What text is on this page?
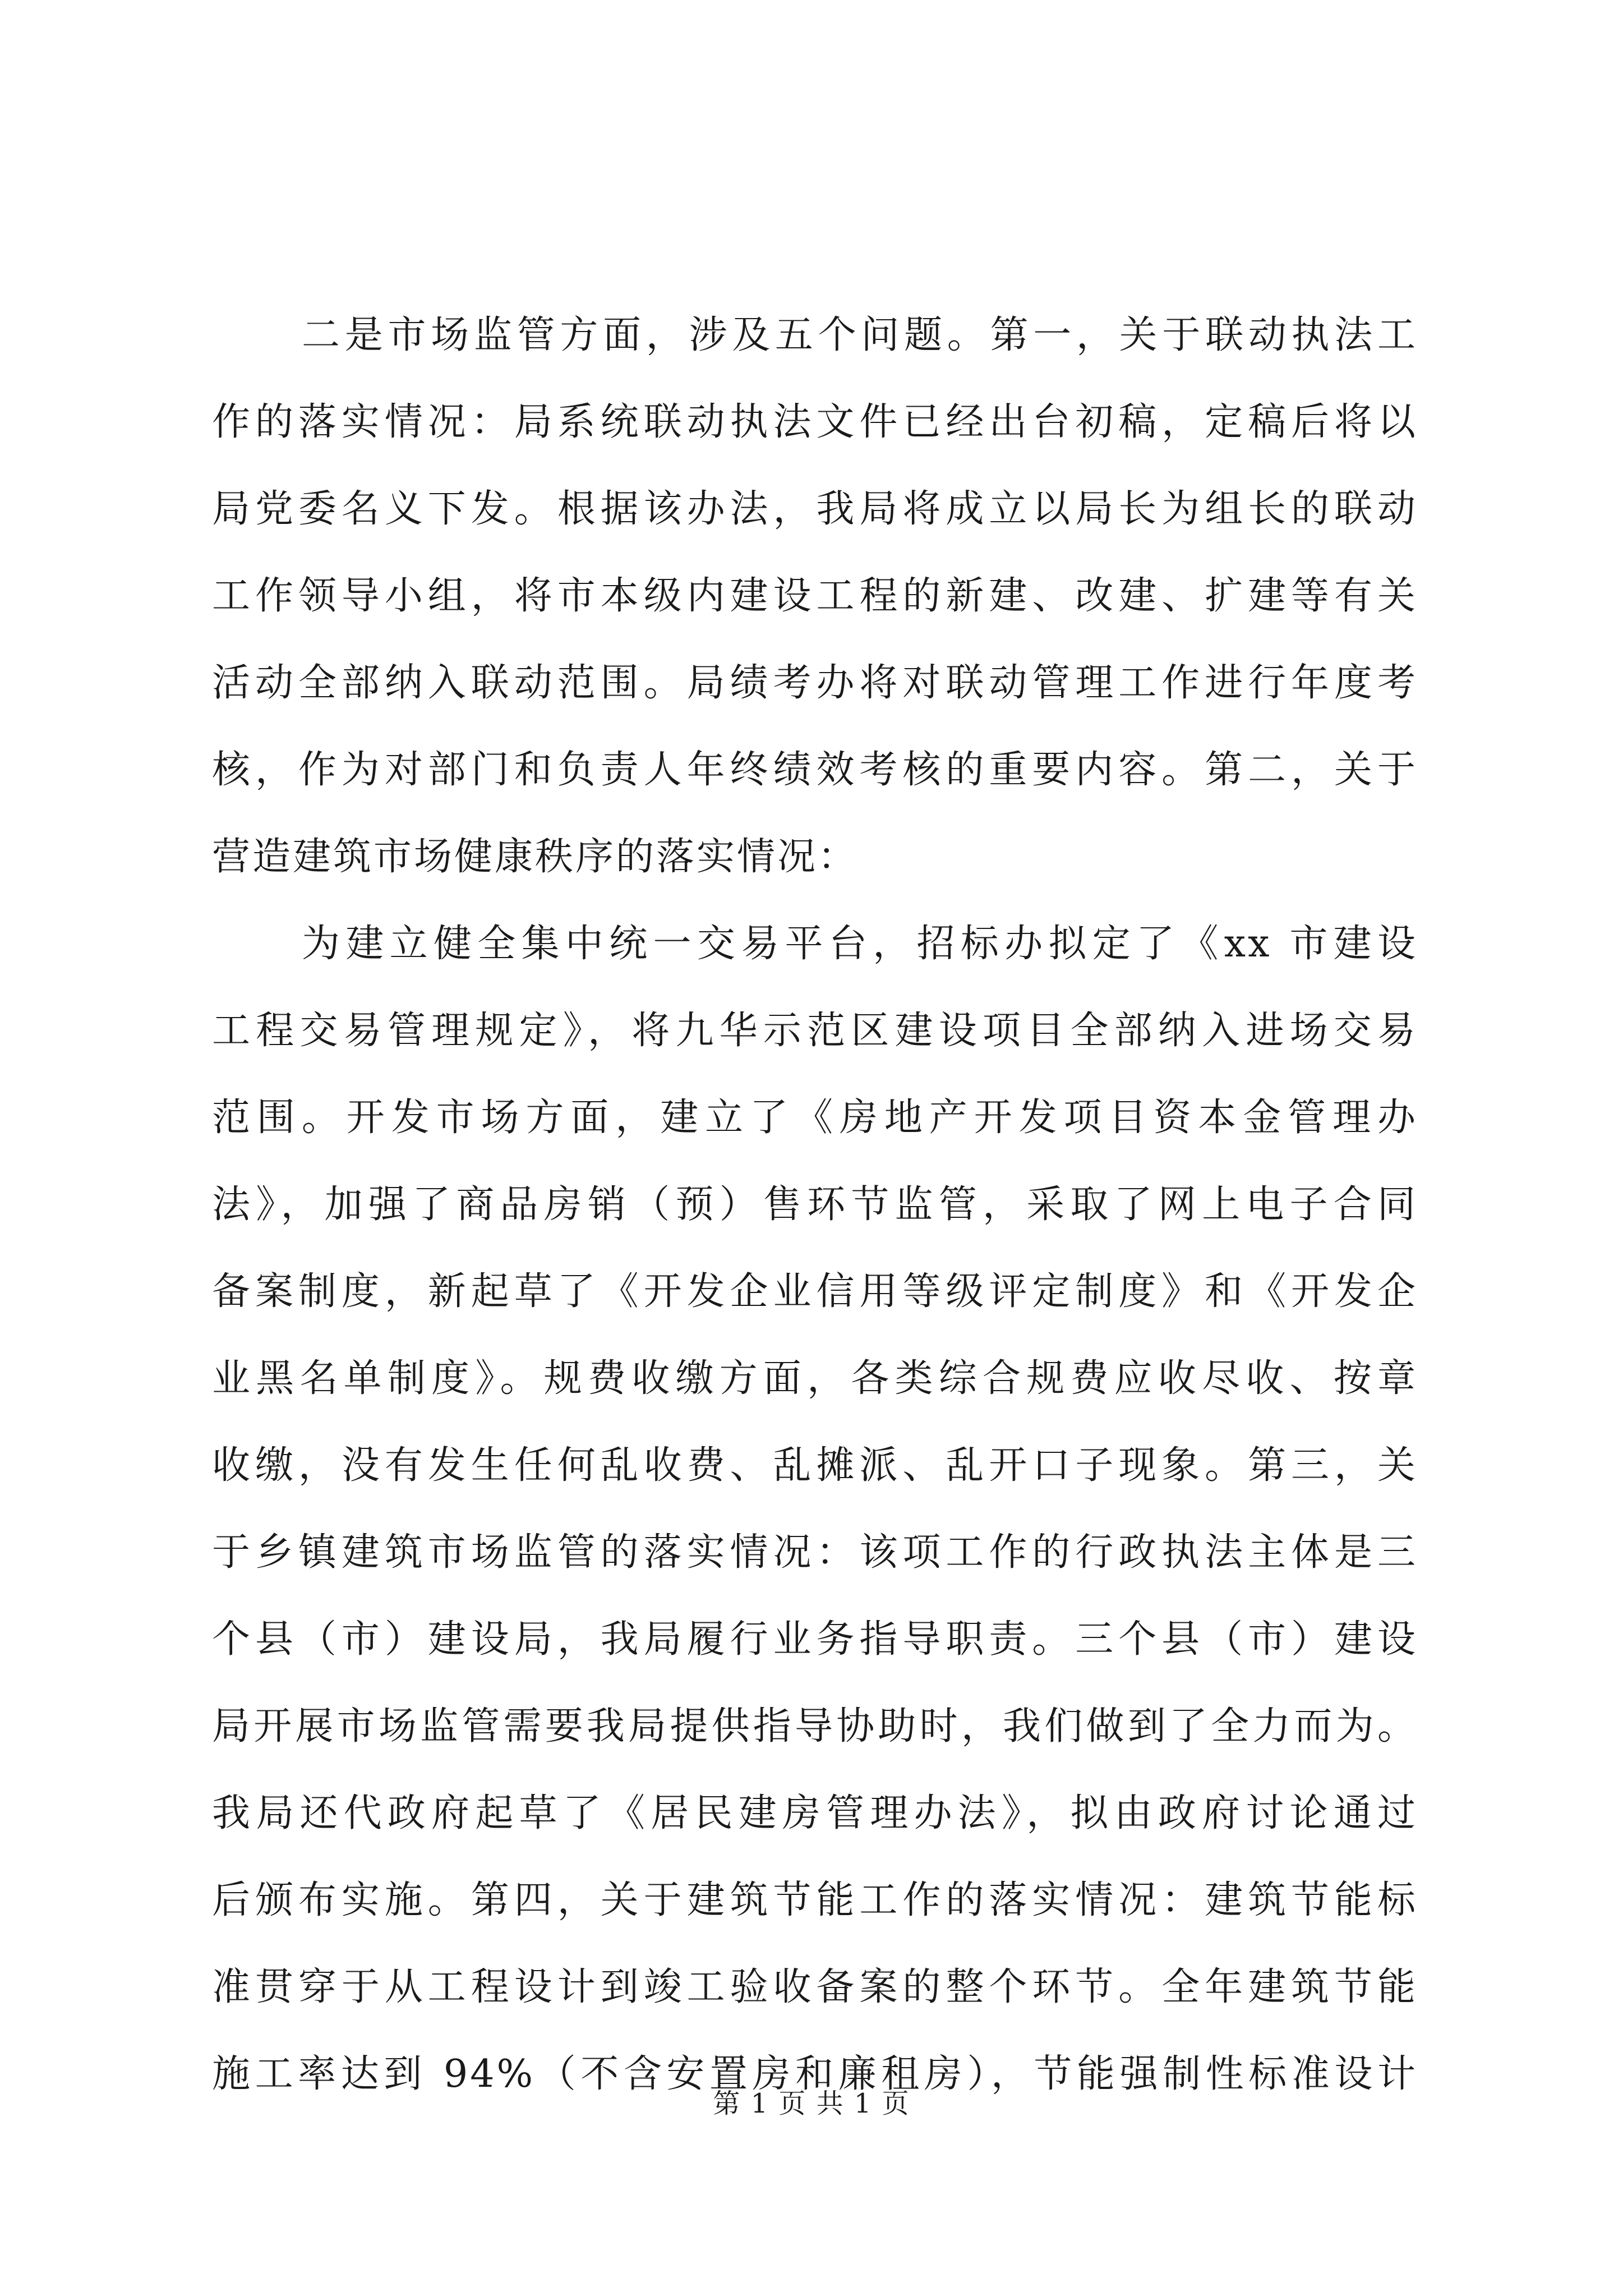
二是市场监管方面，涉及五个问题。第一，关于联动执法工
作的落实情况：局系统联动执法文件已经出台初稿，定稿后将以
局党委名义下发。根据该办法，我局将成立以局长为组长的联动
工作领导小组，将市本级内建设工程的新建、改建、扩建等有关
活动全部纳入联动范围。局绩考办将对联动管理工作进行年度考
核，作为对部门和负责人年终绩效考核的重要内容。第二，关于
营造建筑市场健康秩序的落实情况：
为建立健全集中统一交易平台，招标办拟定了《xx 市建设
工程交易管理规定》，将九华示范区建设项目全部纳入进场交易
范围。开发市场方面，建立了《房地产开发项目资本金管理办
法》，加强了商品房销（预）售环节监管，采取了网上电子合同
备案制度，新起草了《开发企业信用等级评定制度》和《开发企
业黑名单制度》。规费收缴方面，各类综合规费应收尽收、按章
收缴，没有发生任何乱收费、乱摊派、乱开口子现象。第三，关
于乡镇建筑市场监管的落实情况：该项工作的行政执法主体是三
个县（市）建设局，我局履行业务指导职责。三个县（市）建设
局开展市场监管需要我局提供指导协助时，我们做到了全力而为。
我局还代政府起草了《居民建房管理办法》，拟由政府讨论通过
后颁布实施。第四，关于建筑节能工作的落实情况：建筑节能标
准贯穿于从工程设计到竣工验收备案的整个环节。全年建筑节能
施工率达到 94%（不含安置房和廉租房），节能强制性标准设计
第 1 页 共 1 页
